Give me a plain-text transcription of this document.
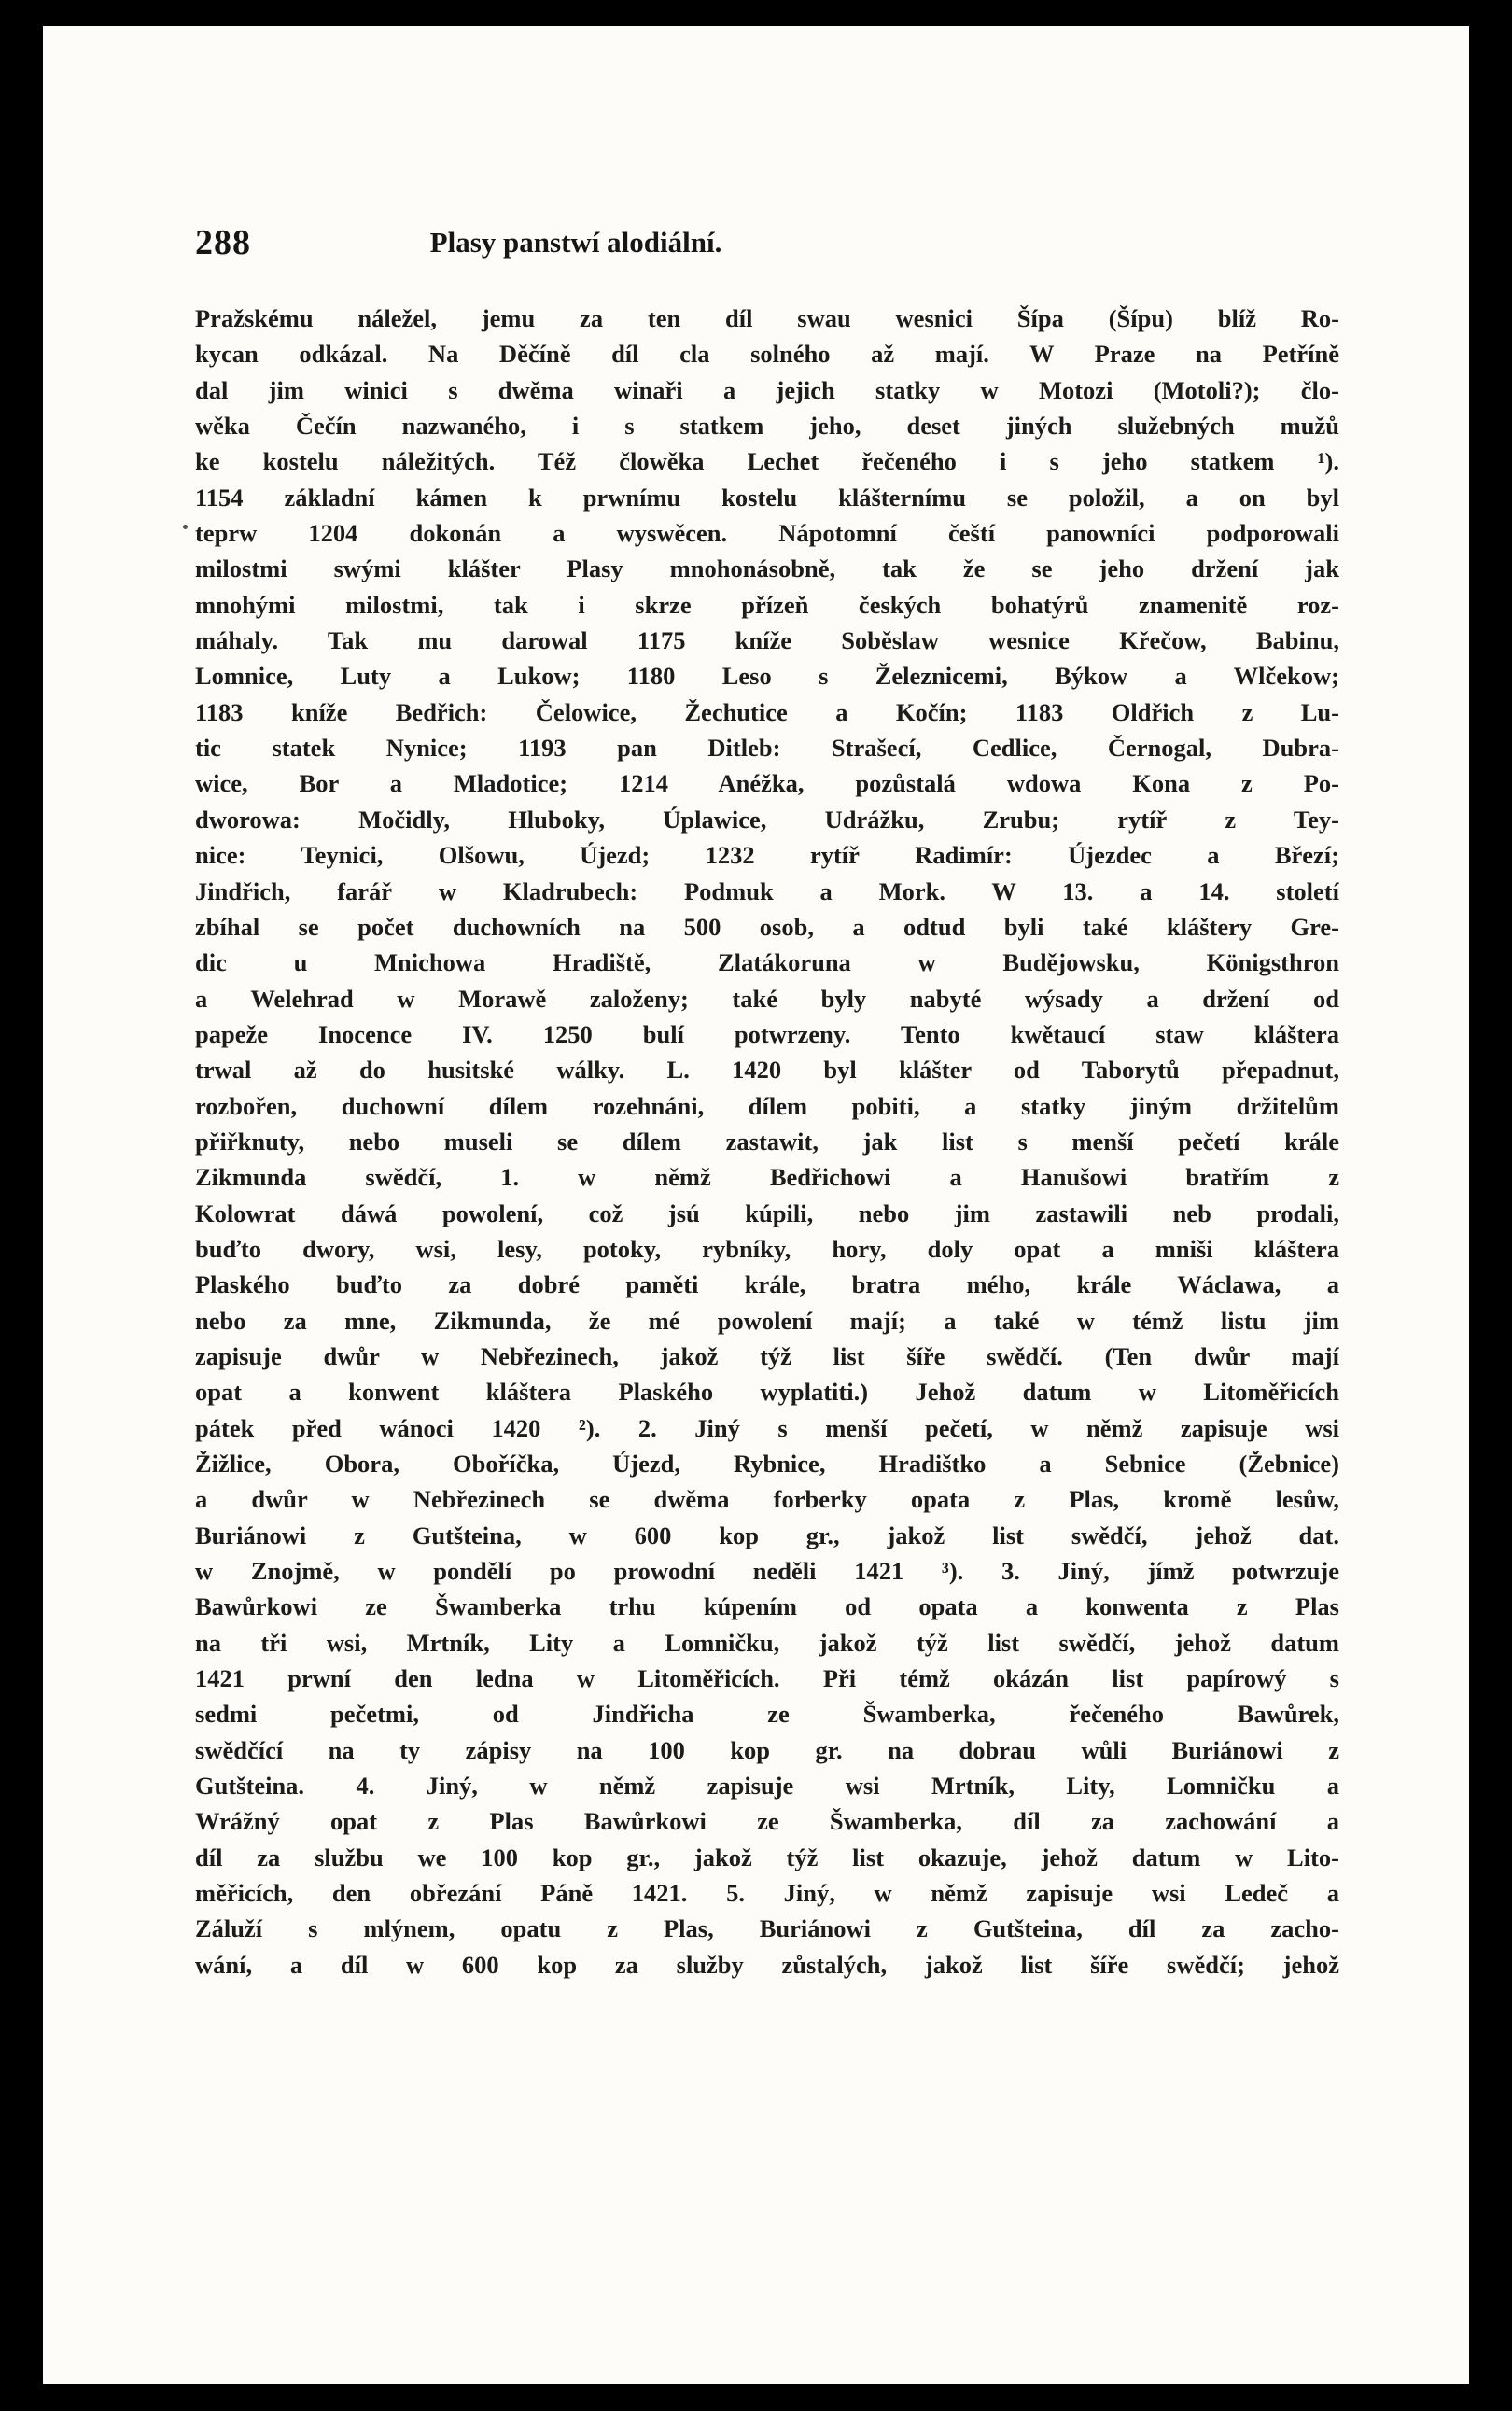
288	Plasy panstwí alodiální.
Pražskému náležel, jemu za ten díl swau wesnici Šípa (Šípu) blíž Ro-
kycan odkázal. Na Děčíně díl cla solného až mají. W Praze na Petříně
dal jim winici s dwěma winaři a jejich statky w Motozi (Motoli?); člo-
wěka Čečín nazwaného, i s statkem jeho, deset jiných služebných mužů
ke kostelu náležitých. Též člowěka Lechet řečeného i s jeho statkem ¹).
1154 základní kámen k prwnímu kostelu klášternímu se položil, a on byl
teprw 1204 dokonán a wyswěcen. Nápotomní čeští panowníci podporowali
milostmi swými klášter Plasy mnohonásobně, tak že se jeho držení jak
mnohými milostmi, tak i skrze přízeň českých bohatýrů znamenitě roz-
máhaly. Tak mu darowal 1175 kníže Soběslaw wesnice Křečow, Babinu,
Lomnice, Luty a Lukow; 1180 Leso s Železnicemi, Býkow a Wlčekow;
1183 kníže Bedřich: Čelowice, Žechutice a Kočín; 1183 Oldřich z Lu-
tic statek Nynice; 1193 pan Ditleb: Strašecí, Cedlice, Černogal, Dubra-
wice, Bor a Mladotice; 1214 Anéžka, pozůstalá wdowa Kona z Po-
dworowa: Močidly, Hluboky, Úplawice, Udrážku, Zrubu; rytíř z Tey-
nice: Teynici, Olšowu, Újezd; 1232 rytíř Radimír: Újezdec a Březí;
Jindřich, farář w Kladrubech: Podmuk a Mork. W 13. a 14. století
zbíhal se počet duchowních na 500 osob, a odtud byli také kláštery Gre-
dic u Mnichowa Hradiště, Zlatákoruna w Budějowsku, Königsthron
a Welehrad w Morawě založeny; také byly nabyté wýsady a držení od
papeže Inocence IV. 1250 bulí potwrzeny. Tento kwětaucí staw kláštera
trwal až do husitské wálky. L. 1420 byl klášter od Taborytů přepadnut,
rozbořen, duchowní dílem rozehnáni, dílem pobiti, a statky jiným držitelům
přiřknuty, nebo museli se dílem zastawit, jak list s menší pečetí krále
Zikmunda swědčí, 1. w němž Bedřichowi a Hanušowi bratřím z
Kolowrat dáwá powolení, což jsú kúpili, nebo jim zastawili neb prodali,
buďto dwory, wsi, lesy, potoky, rybníky, hory, doly opat a mniši kláštera
Plaského buďto za dobré paměti krále, bratra mého, krále Wáclawa, a
nebo za mne, Zikmunda, že mé powolení mají; a také w témž listu jim
zapisuje dwůr w Nebřezinech, jakož týž list šíře swědčí. (Ten dwůr mají
opat a konwent kláštera Plaského wyplatiti.) Jehož datum w Litoměřicích
pátek před wánoci 1420 ²). 2. Jiný s menší pečetí, w němž zapisuje wsi
Žižlice, Obora, Oboříčka, Újezd, Rybnice, Hradištko a Sebnice (Žebnice)
a dwůr w Nebřezinech se dwěma forberky opata z Plas, kromě lesůw,
Buriánowi z Gutšteina, w 600 kop gr., jakož list swědčí, jehož dat.
w Znojmě, w pondělí po prowodní neděli 1421 ³). 3. Jiný, jímž potwrzuje
Bawůrkowi ze Šwamberka trhu kúpením od opata a konwenta z Plas
na tři wsi, Mrtník, Lity a Lomničku, jakož týž list swědčí, jehož datum
1421 prwní den ledna w Litoměřicích. Při témž okázán list papírowý s
sedmi pečetmi, od Jindřicha ze Šwamberka, řečeného Bawůrek,
swědčící na ty zápisy na 100 kop gr. na dobrau wůli Buriánowi z
Gutšteina. 4. Jiný, w němž zapisuje wsi Mrtník, Lity, Lomničku a
Wrážný opat z Plas Bawůrkowi ze Šwamberka, díl za zachowání a
díl za službu we 100 kop gr., jakož týž list okazuje, jehož datum w Lito-
měřicích, den obřezání Páně 1421. 5. Jiný, w němž zapisuje wsi Ledeč a
Záluží s mlýnem, opatu z Plas, Buriánowi z Gutšteina, díl za zacho-
wání, a díl w 600 kop za služby zůstalých, jakož list šíře swědčí; jehož
